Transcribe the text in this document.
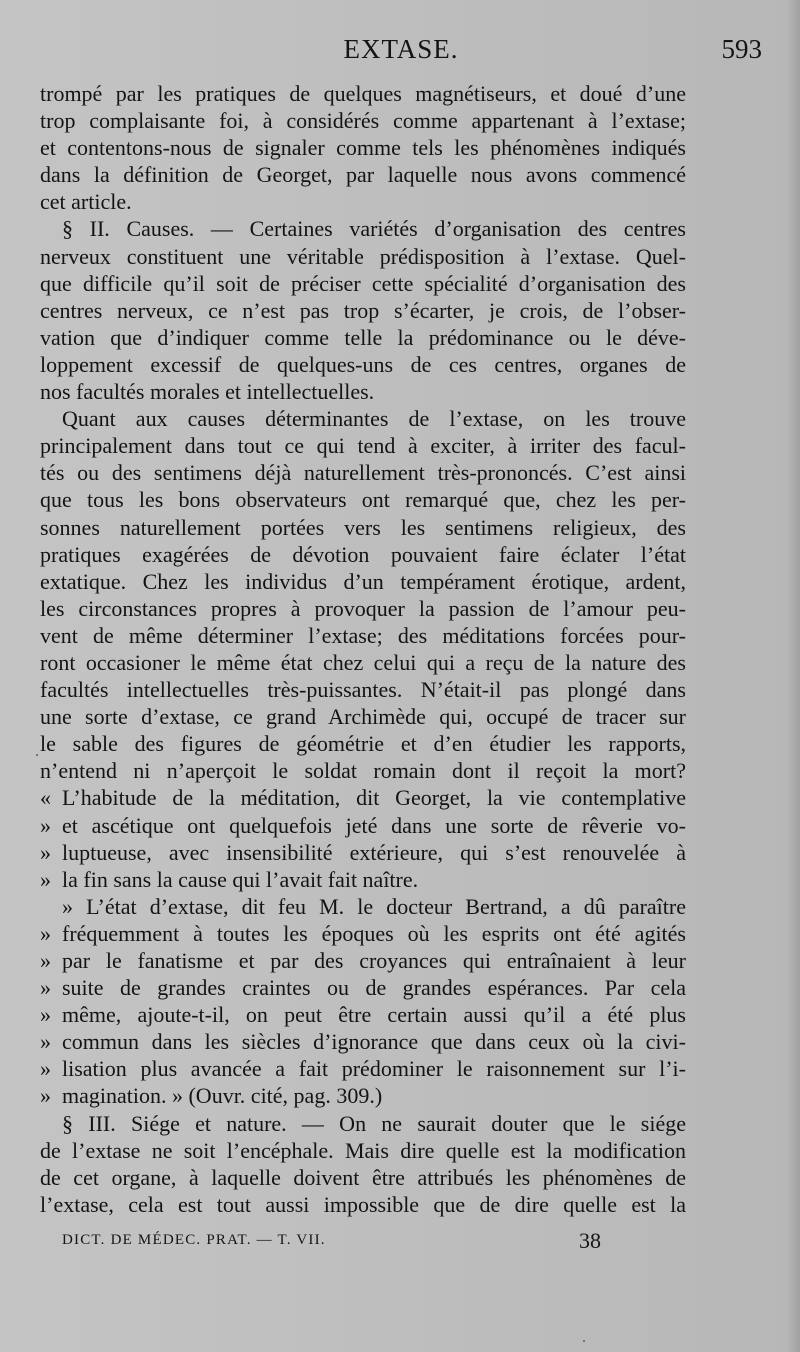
EXTASE.	593
trompé par les pratiques de quelques magnétiseurs, et doué d’une
trop complaisante foi, à considérés comme appartenant à l’extase;
et contentons-nous de signaler comme tels les phénomènes indiqués
dans la définition de Georget, par laquelle nous avons commencé
cet article.
§ II. Causes. — Certaines variétés d’organisation des centres
nerveux constituent une véritable prédisposition à l’extase. Quel-
que difficile qu’il soit de préciser cette spécialité d’organisation des
centres nerveux, ce n’est pas trop s’écarter, je crois, de l’obser-
vation que d’indiquer comme telle la prédominance ou le déve-
loppement excessif de quelques-uns de ces centres, organes de
nos facultés morales et intellectuelles.
Quant aux causes déterminantes de l’extase, on les trouve
principalement dans tout ce qui tend à exciter, à irriter des facul-
tés ou des sentimens déjà naturellement très-prononcés. C’est ainsi
que tous les bons observateurs ont remarqué que, chez les per-
sonnes naturellement portées vers les sentimens religieux, des
pratiques exagérées de dévotion pouvaient faire éclater l’état
extatique. Chez les individus d’un tempérament érotique, ardent,
les circonstances propres à provoquer la passion de l’amour peu-
vent de même déterminer l’extase; des méditations forcées pour-
ront occasioner le même état chez celui qui a reçu de la nature des
facultés intellectuelles très-puissantes. N’était-il pas plongé dans
une sorte d’extase, ce grand Archimède qui, occupé de tracer sur
le sable des figures de géométrie et d’en étudier les rapports,
n’entend ni n’aperçoit le soldat romain dont il reçoit la mort?
« L’habitude de la méditation, dit Georget, la vie contemplative
» et ascétique ont quelquefois jeté dans une sorte de rêverie vo-
» luptueuse, avec insensibilité extérieure, qui s’est renouvelée à
» la fin sans la cause qui l’avait fait naître.
» L’état d’extase, dit feu M. le docteur Bertrand, a dû paraître
» fréquemment à toutes les époques où les esprits ont été agités
» par le fanatisme et par des croyances qui entraînaient à leur
» suite de grandes craintes ou de grandes espérances. Par cela
» même, ajoute-t-il, on peut être certain aussi qu’il a été plus
» commun dans les siècles d’ignorance que dans ceux où la civi-
» lisation plus avancée a fait prédominer le raisonnement sur l’i-
» magination. » (Ouvr. cité, pag. 309.)
§ III. Siége et nature. — On ne saurait douter que le siége
de l’extase ne soit l’encéphale. Mais dire quelle est la modification
de cet organe, à laquelle doivent être attribués les phénomènes de
l’extase, cela est tout aussi impossible que de dire quelle est la
DICT. DE MÉDEC. PRAT. — T. VII.	38
